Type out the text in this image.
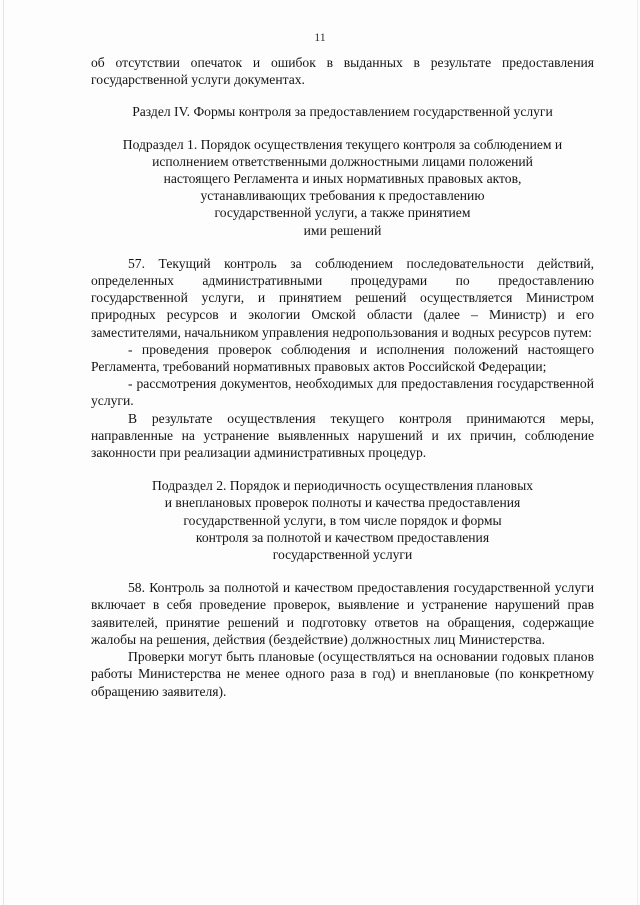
11

об отсутствии опечаток и ошибок в выданных в результате предоставления государственной услуги документах.

Раздел IV. Формы контроля за предоставлением государственной услуги

Подраздел 1. Порядок осуществления текущего контроля за соблюдением и
исполнением ответственными должностными лицами положений
настоящего Регламента и иных нормативных правовых актов,
устанавливающих требования к предоставлению
государственной услуги, а также принятием
ими решений

57. Текущий контроль за соблюдением последовательности действий, определенных административными процедурами по предоставлению государственной услуги, и принятием решений осуществляется Министром природных ресурсов и экологии Омской области (далее – Министр) и его заместителями, начальником управления недропользования и водных ресурсов путем:

- проведения проверок соблюдения и исполнения положений настоящего Регламента, требований нормативных правовых актов Российской Федерации;

- рассмотрения документов, необходимых для предоставления государственной услуги.

В результате осуществления текущего контроля принимаются меры, направленные на устранение выявленных нарушений и их причин, соблюдение законности при реализации административных процедур.

Подраздел 2. Порядок и периодичность осуществления плановых
и внеплановых проверок полноты и качества предоставления
государственной услуги, в том числе порядок и формы
контроля за полнотой и качеством предоставления
государственной услуги

58. Контроль за полнотой и качеством предоставления государственной услуги включает в себя проведение проверок, выявление и устранение нарушений прав заявителей, принятие решений и подготовку ответов на обращения, содержащие жалобы на решения, действия (бездействие) должностных лиц Министерства.

Проверки могут быть плановые (осуществляться на основании годовых планов работы Министерства не менее одного раза в год) и внеплановые (по конкретному обращению заявителя).
